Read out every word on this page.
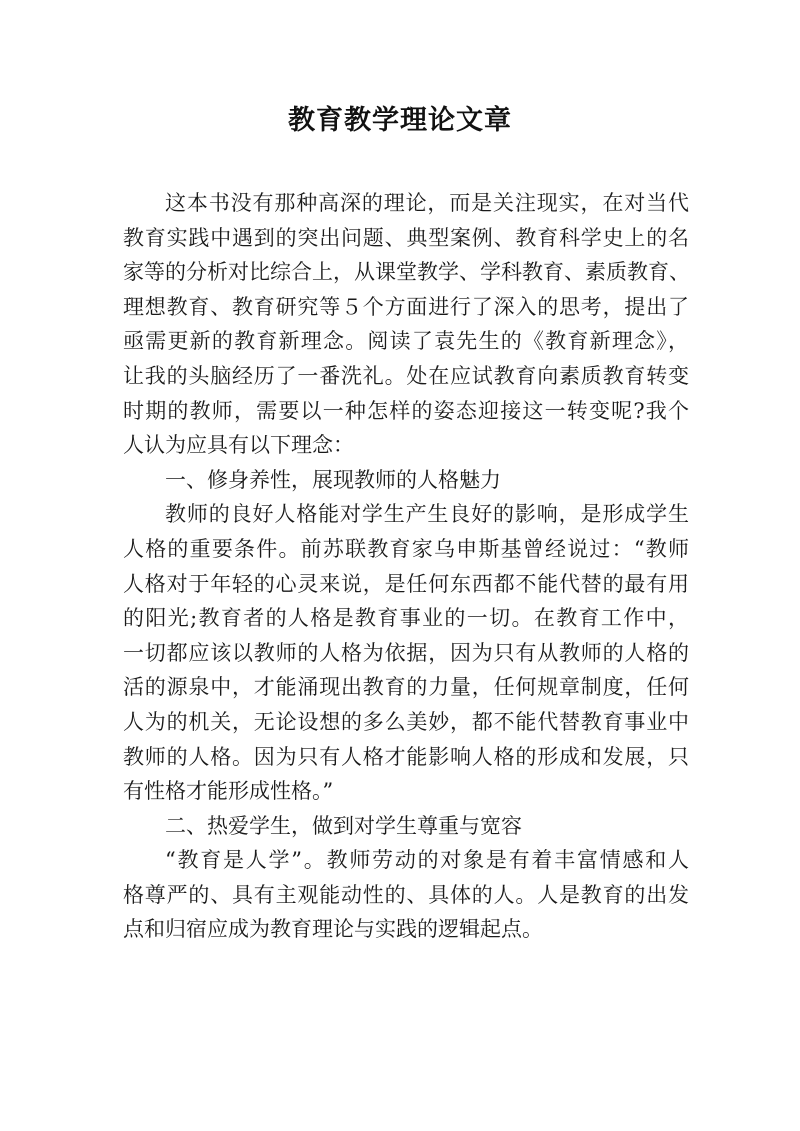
教育教学理论文章
这本书没有那种高深的理论，而是关注现实，在对当代
教育实践中遇到的突出问题、典型案例、教育科学史上的名
家等的分析对比综合上，从课堂教学、学科教育、素质教育、
理想教育、教育研究等５个方面进行了深入的思考，提出了
亟需更新的教育新理念。阅读了袁先生的《教育新理念》，
让我的头脑经历了一番洗礼。处在应试教育向素质教育转变
时期的教师，需要以一种怎样的姿态迎接这一转变呢?我个
人认为应具有以下理念：
一、修身养性，展现教师的人格魅力
教师的良好人格能对学生产生良好的影响，是形成学生
人格的重要条件。前苏联教育家乌申斯基曾经说过：“教师
人格对于年轻的心灵来说，是任何东西都不能代替的最有用
的阳光;教育者的人格是教育事业的一切。在教育工作中，
一切都应该以教师的人格为依据，因为只有从教师的人格的
活的源泉中，才能涌现出教育的力量，任何规章制度，任何
人为的机关，无论设想的多么美妙，都不能代替教育事业中
教师的人格。因为只有人格才能影响人格的形成和发展，只
有性格才能形成性格。”
二、热爱学生，做到对学生尊重与宽容
“教育是人学”。教师劳动的对象是有着丰富情感和人
格尊严的、具有主观能动性的、具体的人。人是教育的出发
点和归宿应成为教育理论与实践的逻辑起点。
